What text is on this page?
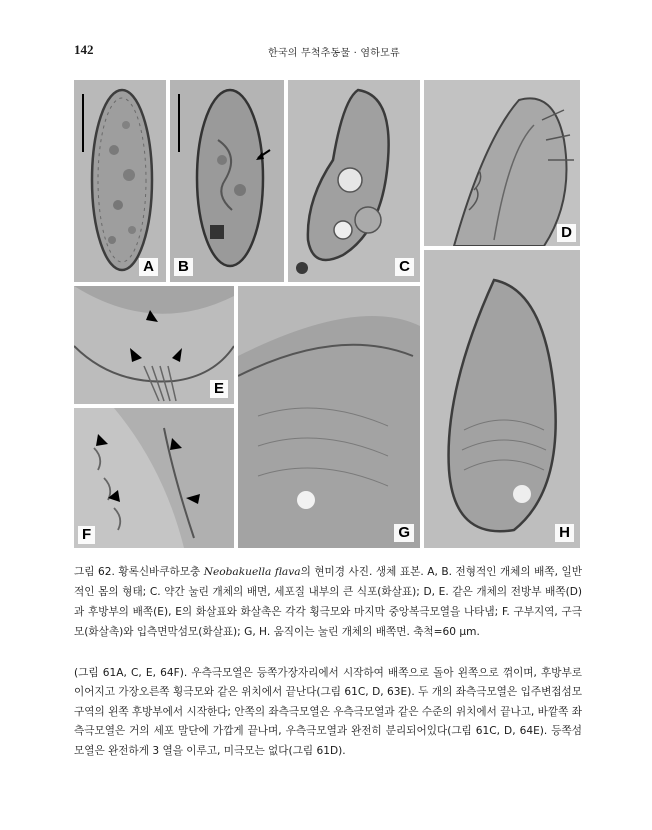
142	한국의 무척추동물 · 염하모류
A B	C
D
E
F	G	H
그림 62. 황록신바쿠하모충 Neobakuella flava의 현미경 사진. 생체 표본. A, B. 전형적인 개체의 배쪽, 일반적인 몸의 형태; C. 약간 눌린 개체의 배면, 세포질 내부의 큰 식포(화살표); D, E. 같은 개체의 전방부 배쪽(D)과 후방부의 배쪽(E), E의 화살표와 화살촉은 각각 횡극모와 마지막 중앙복극모열을 나타냄; F. 구부지역, 구극모(화살촉)와 입측면막섬모(화살표); G, H. 움직이는 눌린 개체의 배쪽면. 축척=60 μm.
(그림 61A, C, E, 64F). 우측극모열은 등쪽가장자리에서 시작하여 배쪽으로 돌아 왼쪽으로 꺾이며, 후방부로 이어지고 가장오른쪽 횡극모와 같은 위치에서 끝난다(그림 61C, D, 63E). 두 개의 좌측극모열은 입주변접섬모구역의 왼쪽 후방부에서 시작한다; 안쪽의 좌측극모열은 우측극모열과 같은 수준의 위치에서 끝나고, 바깥쪽 좌측극모열은 거의 세포 말단에 가깝게 끝나며, 우측극모열과 완전히 분리되어있다(그림 61C, D, 64E). 등쪽섬모열은 완전하게 3 열을 이루고, 미극모는 없다(그림 61D).
